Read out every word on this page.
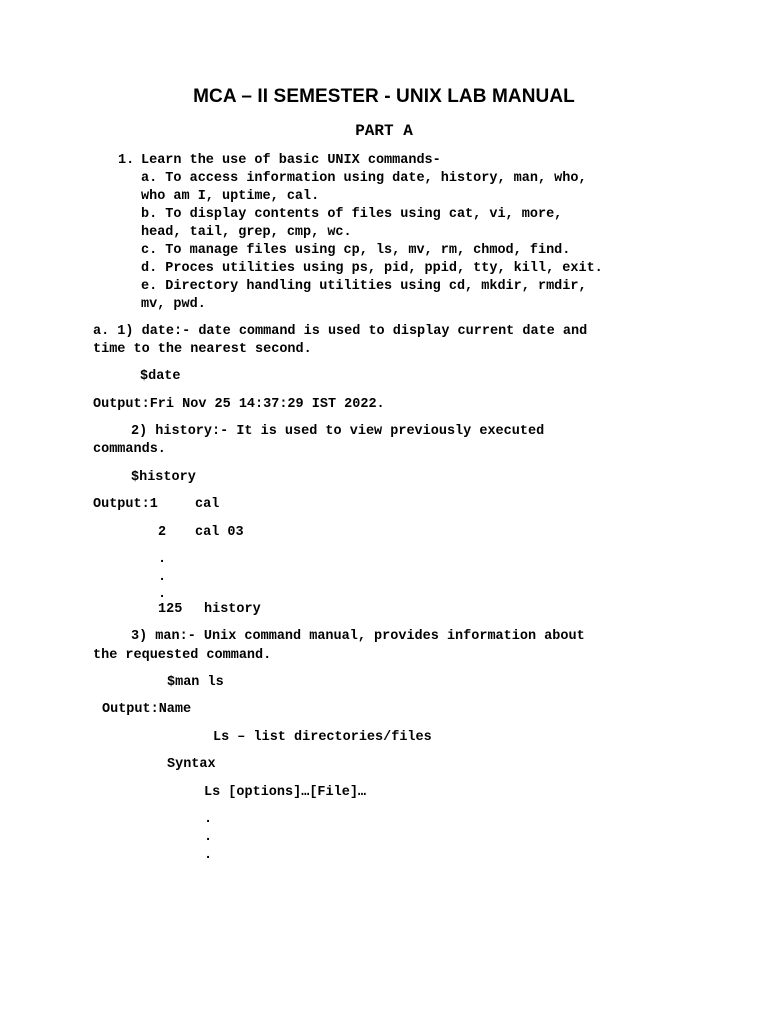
MCA – II SEMESTER - UNIX LAB MANUAL
PART A
1. Learn the use of basic UNIX commands-
a. To access information using date, history, man, who,
who am I, uptime, cal.
b. To display contents of files using cat, vi, more,
head, tail, grep, cmp, wc.
c. To manage files using cp, ls, mv, rm, chmod, find.
d. Proces utilities using ps, pid, ppid, tty, kill, exit.
e. Directory handling utilities using cd, mkdir, rmdir,
mv, pwd.
a. 1) date:- date command is used to display current date and
time to the nearest second.
$date
Output:Fri Nov 25 14:37:29 IST 2022.
2) history:- It is used to view previously executed
commands.
$history
Output:1	cal
2 cal 03
.
.
.
125 history
3) man:- Unix command manual, provides information about
the requested command.
$man ls
Output:Name
Ls – list directories/files
Syntax
Ls [options]…[File]…
.
.
.
